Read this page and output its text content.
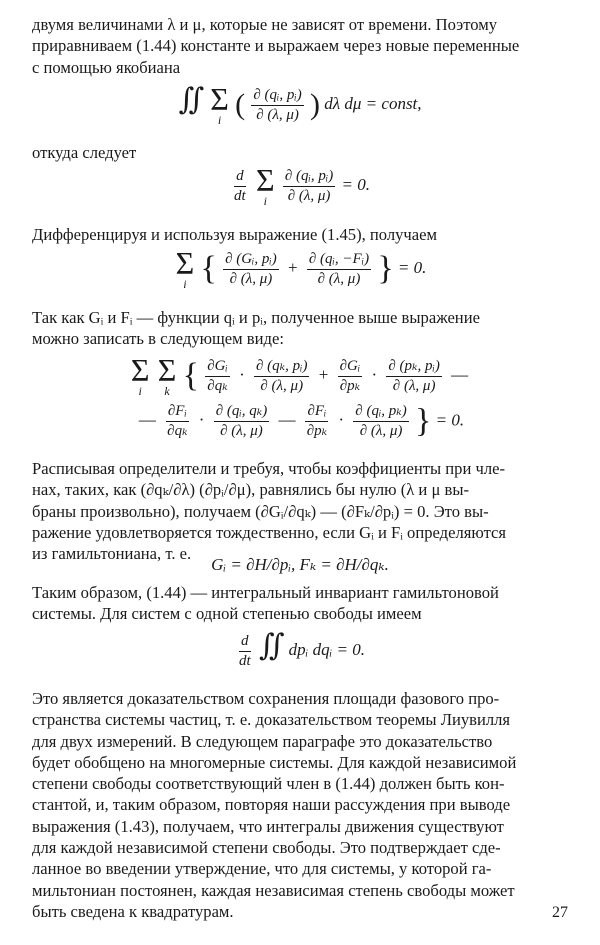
двумя величинами λ и μ, которые не зависят от времени. Поэтому
приравниваем (1.44) константе и выражаем через новые переменные
с помощью якобиана
∬ Σ
i ( $\frac{\text{∂ (qᵢ, pᵢ)}}{\partial (\lambda, \mu)}$ ) dλ dμ = const,
откуда следует
$\frac{d}{dt}$
Σ
i
$\frac{\text{∂ (qᵢ, pᵢ)}}{\partial (\lambda, \mu)} = 0$.
Дифференцируя и используя выражение (1.45), получаем
Σ
i { $\frac{\text{∂ (Gᵢ, pᵢ)}}{\partial (\lambda, \mu)} + \frac{\text{∂ (qᵢ, −Fᵢ)}}{\partial (\lambda, \mu)}$ } = 0.
Так как Gᵢ и Fᵢ — функции qᵢ и pᵢ, полученное выше выражение
можно записать в следующем виде:
Σ
i

Σ
k { $\frac{\text{∂Gᵢ}}{\text{∂qₖ}} \cdot \frac{\text{∂ (qₖ, pᵢ)}}{\partial (\lambda, \mu)} + \frac{\text{∂Gᵢ}}{\text{∂pₖ}} \cdot \frac{\text{∂ (pₖ, pᵢ)}}{\partial (\lambda, \mu)}$ —
— $\frac{\text{∂Fᵢ}}{\text{∂qₖ}} \cdot \frac{\text{∂ (qᵢ, qₖ)}}{\partial (\lambda, \mu)}$ — $\frac{\text{∂Fᵢ}}{\text{∂pₖ}} \cdot \frac{\text{∂ (qᵢ, pₖ)}}{\partial (\lambda, \mu)}$ } = 0.
Расписывая определители и требуя, чтобы коэффициенты при чле-
нах, таких, как (∂qₖ/∂λ) (∂pᵢ/∂μ), равнялись бы нулю (λ и μ вы-
браны произвольно), получаем (∂Gᵢ/∂qₖ) — (∂Fₖ/∂pᵢ) = 0. Это вы-
ражение удовлетворяется тождественно, если Gᵢ и Fᵢ определяются
из гамильтониана, т. е.
Gᵢ = ∂H/∂pᵢ, Fₖ = ∂H/∂qₖ.
Таким образом, (1.44) — интегральный инвариант гамильтоновой
системы. Для систем с одной степенью свободы имеем
$\frac{d}{dt}$ ∬ dpᵢ dqᵢ = 0.
Это является доказательством сохранения площади фазового про-
странства системы частиц, т. е. доказательством теоремы Лиувилля
для двух измерений. В следующем параграфе это доказательство
будет обобщено на многомерные системы. Для каждой независимой
степени свободы соответствующий член в (1.44) должен быть кон-
стантой, и, таким образом, повторяя наши рассуждения при выводе
выражения (1.43), получаем, что интегралы движения существуют
для каждой независимой степени свободы. Это подтверждает сде-
ланное во введении утверждение, что для системы, у которой га-
мильтониан постоянен, каждая независимая степень свободы может
быть сведена к квадратурам.	27
